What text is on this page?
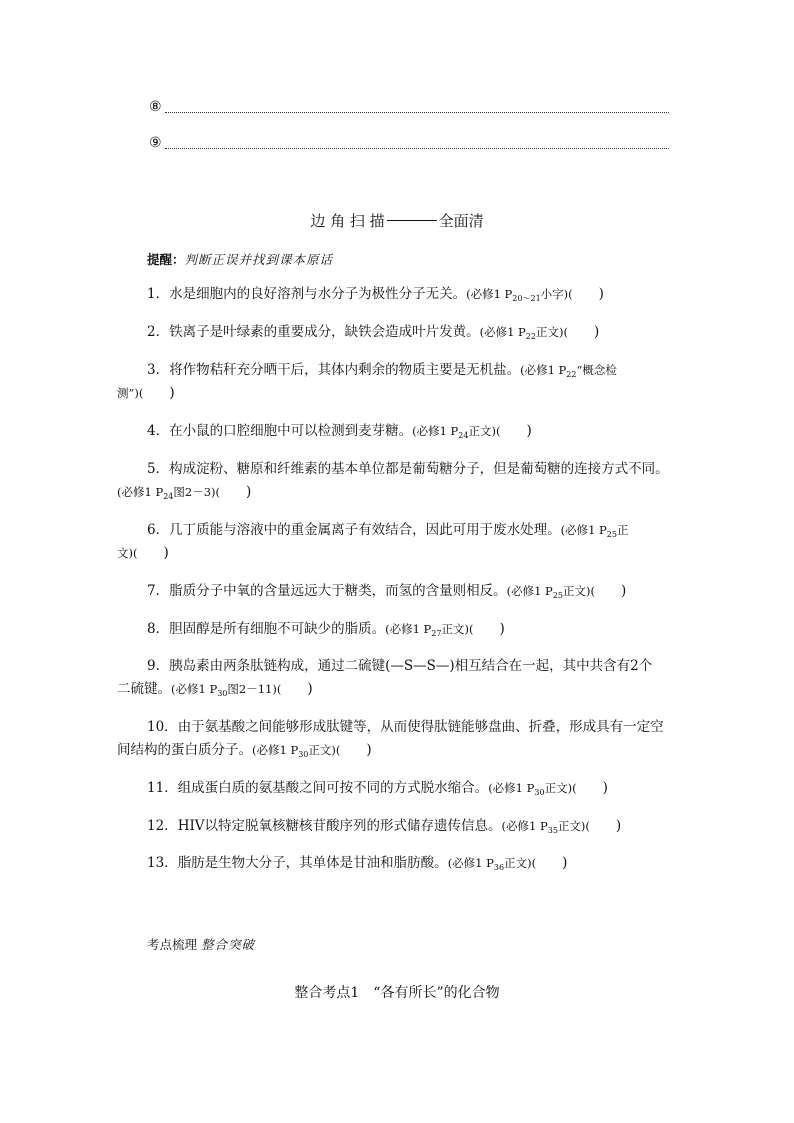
⑧
⑨
边 角 扫 描	全面清
提醒：判断正误并找到课本原话
1．水是细胞内的良好溶剂与水分子为极性分子无关。(必修1 $P_{20\sim 21}$小字)( )
2．铁离子是叶绿素的重要成分，缺铁会造成叶片发黄。(必修1 $P_{22}$正文)( )
3．将作物秸秆充分晒干后，其体内剩余的物质主要是无机盐。(必修1 $P_{22}“$概念检
测”)( )
4．在小鼠的口腔细胞中可以检测到麦芽糖。(必修1 $P_{24}$正文)( )
5．构成淀粉、糖原和纤维素的基本单位都是葡萄糖分子，但是葡萄糖的连接方式不同。
(必修1 $P_{24}$图2－3)( )
6．几丁质能与溶液中的重金属离子有效结合，因此可用于废水处理。(必修1 $P_{25}$正
文)( )
7．脂质分子中氧的含量远远大于糖类，而氢的含量则相反。(必修1 $P_{25}$正文)( )
8．胆固醇是所有细胞不可缺少的脂质。(必修1 $P_{27}$正文)( )
9．胰岛素由两条肽链构成，通过二硫键(—S—S—)相互结合在一起，其中共含有2个
二硫键。(必修1 $P_{30}$图2－11)( )
10．由于氨基酸之间能够形成肽键等，从而使得肽链能够盘曲、折叠，形成具有一定空
间结构的蛋白质分子。(必修1 $P_{30}$正文)( )
11．组成蛋白质的氨基酸之间可按不同的方式脱水缩合。(必修1 $P_{30}$正文)( )
12．HIV以特定脱氧核糖核苷酸序列的形式储存遗传信息。(必修1 $P_{35}$正文)( )
13．脂肪是生物大分子，其单体是甘油和脂肪酸。(必修1 $P_{36}$正文)( )
考点梳理 整合突破
整合考点1　“各有所长”的化合物
